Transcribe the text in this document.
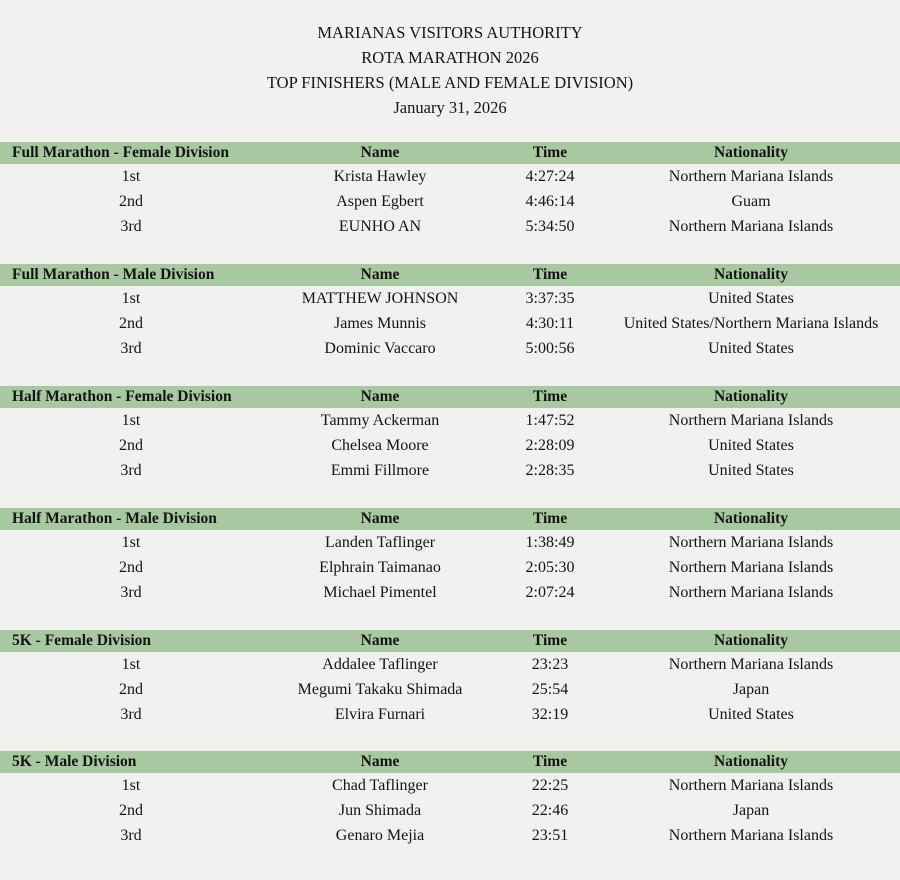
MARIANAS VISITORS AUTHORITY
ROTA MARATHON 2026
TOP FINISHERS (MALE AND FEMALE DIVISION)
January 31, 2026
Full Marathon - Female Division	Name	Time	Nationality
1st	Krista Hawley	4:27:24	Northern Mariana Islands
2nd	Aspen Egbert	4:46:14	Guam
3rd	EUNHO AN	5:34:50	Northern Mariana Islands
Full Marathon - Male Division	Name	Time	Nationality
1st	MATTHEW JOHNSON	3:37:35	United States
2nd	James Munnis	4:30:11	United States/Northern Mariana Islands
3rd	Dominic Vaccaro	5:00:56	United States
Half Marathon - Female Division	Name	Time	Nationality
1st	Tammy Ackerman	1:47:52	Northern Mariana Islands
2nd	Chelsea Moore	2:28:09	United States
3rd	Emmi Fillmore	2:28:35	United States
Half Marathon - Male Division	Name	Time	Nationality
1st	Landen Taflinger	1:38:49	Northern Mariana Islands
2nd	Elphrain Taimanao	2:05:30	Northern Mariana Islands
3rd	Michael Pimentel	2:07:24	Northern Mariana Islands
5K - Female Division	Name	Time	Nationality
1st	Addalee Taflinger	23:23	Northern Mariana Islands
2nd	Megumi Takaku Shimada	25:54	Japan
3rd	Elvira Furnari	32:19	United States
5K - Male Division	Name	Time	Nationality
1st	Chad Taflinger	22:25	Northern Mariana Islands
2nd	Jun Shimada	22:46	Japan
3rd	Genaro Mejia	23:51	Northern Mariana Islands
